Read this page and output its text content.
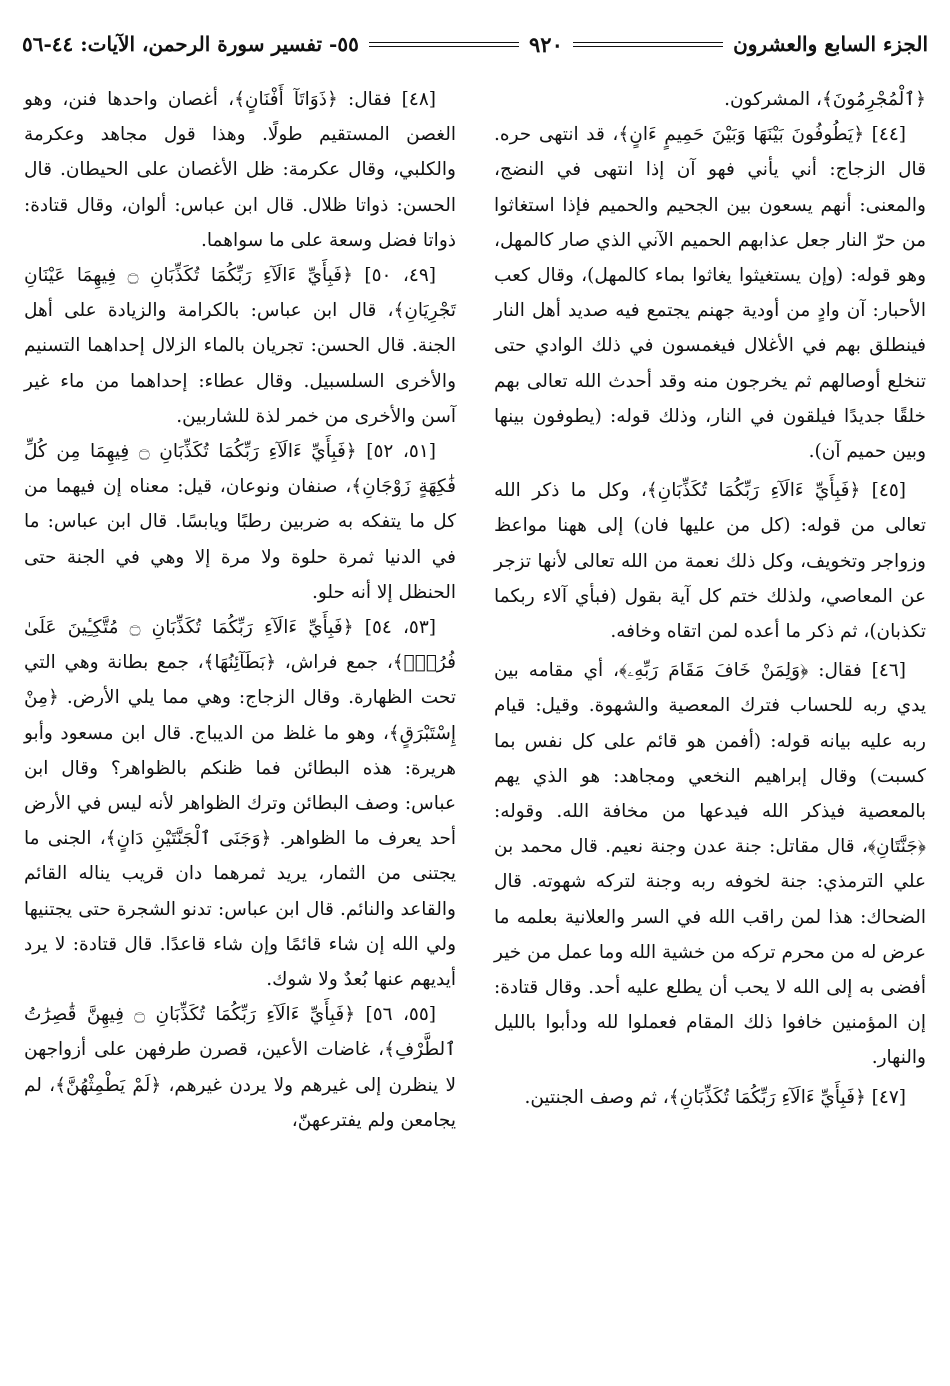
الجزء السابع والعشرون
٩٢٠
٥٥- تفسير سورة الرحمن، الآيات: ٤٤-٥٦

﴿ٱلْمُجْرِمُونَ﴾، المشركون.

[٤٤] ﴿يَطُوفُونَ بَيْنَهَا وَبَيْنَ حَمِيمٍ ءَانٍ﴾، قد انتهى حره. قال الزجاج: أني يأني فهو آن إذا انتهى في النضج، والمعنى: أنهم يسعون بين الجحيم والحميم فإذا استغاثوا من حرّ النار جعل عذابهم الحميم الآني الذي صار كالمهل، وهو قوله: (وإن يستغيثوا يغاثوا بماء كالمهل)، وقال كعب الأحبار: آن وادٍ من أودية جهنم يجتمع فيه صديد أهل النار فينطلق بهم في الأغلال فيغمسون في ذلك الوادي حتى تنخلع أوصالهم ثم يخرجون منه وقد أحدث الله تعالى بهم خلقًا جديدًا فيلقون في النار، وذلك قوله: (يطوفون بينها وبين حميم آن).

[٤٥] ﴿فَبِأَيِّ ءَالَآءِ رَبِّكُمَا تُكَذِّبَانِ﴾، وكل ما ذكر الله تعالى من قوله: (كل من عليها فان) إلى ههنا مواعظ وزواجر وتخويف، وكل ذلك نعمة من الله تعالى لأنها تزجر عن المعاصي، ولذلك ختم كل آية بقول (فبأي آلاء ربكما تكذبان)، ثم ذكر ما أعده لمن اتقاه وخافه.

[٤٦] فقال: ﴿وَلِمَنْ خَافَ مَقَامَ رَبِّهِۦ﴾، أي مقامه بين يدي ربه للحساب فترك المعصية والشهوة. وقيل: قيام ربه عليه بيانه قوله: (أفمن هو قائم على كل نفس بما كسبت) وقال إبراهيم النخعي ومجاهد: هو الذي يهم بالمعصية فيذكر الله فيدعها من مخافة الله. وقوله: ﴿جَنَّتَانِ﴾، قال مقاتل: جنة عدن وجنة نعيم. قال محمد بن علي الترمذي: جنة لخوفه ربه وجنة لتركه شهوته. قال الضحاك: هذا لمن راقب الله في السر والعلانية بعلمه ما عرض له من محرم تركه من خشية الله وما عمل من خير أفضى به إلى الله لا يحب أن يطلع عليه أحد. وقال قتادة: إن المؤمنين خافوا ذلك المقام فعملوا لله ودأبوا بالليل والنهار.

[٤٧] ﴿فَبِأَيِّ ءَالَآءِ رَبِّكُمَا تُكَذِّبَانِ﴾، ثم وصف الجنتين.

[٤٨] فقال: ﴿ذَوَاتَآ أَفْنَانٍ﴾، أغصان واحدها فنن، وهو الغصن المستقيم طولًا. وهذا قول مجاهد وعكرمة والكلبي، وقال عكرمة: ظل الأغصان على الحيطان. قال الحسن: ذواتا ظلال. قال ابن عباس: ألوان، وقال قتادة: ذواتا فضل وسعة على ما سواهما.

[٤٩، ٥٠] ﴿فَبِأَيِّ ءَالَآءِ رَبِّكُمَا تُكَذِّبَانِ ۝ فِيهِمَا عَيْنَانِ تَجْرِيَانِ﴾، قال ابن عباس: بالكرامة والزيادة على أهل الجنة. قال الحسن: تجريان بالماء الزلال إحداهما التسنيم والأخرى السلسبيل. وقال عطاء: إحداهما من ماء غير آسن والأخرى من خمر لذة للشاربين.

[٥١، ٥٢] ﴿فَبِأَيِّ ءَالَآءِ رَبِّكُمَا تُكَذِّبَانِ ۝ فِيهِمَا مِن كُلِّ فَٰكِهَةٍ زَوْجَانِ﴾، صنفان ونوعان، قيل: معناه إن فيهما من كل ما يتفكه به ضربين رطبًا ويابسًا. قال ابن عباس: ما في الدنيا ثمرة حلوة ولا مرة إلا وهي في الجنة حتى الحنظل إلا أنه حلو.

[٥٣، ٥٤] ﴿فَبِأَيِّ ءَالَآءِ رَبِّكُمَا تُكَذِّبَانِ ۝ مُتَّكِـِٔينَ عَلَىٰ فُرُشٍۭ﴾، جمع فراش، ﴿بَطَآئِنُهَا﴾، جمع بطانة وهي التي تحت الظهارة. وقال الزجاج: وهي مما يلي الأرض. ﴿مِنْ إِسْتَبْرَقٍ﴾، وهو ما غلظ من الديباج. قال ابن مسعود وأبو هريرة: هذه البطائن فما ظنكم بالظواهر؟ وقال ابن عباس: وصف البطائن وترك الظواهر لأنه ليس في الأرض أحد يعرف ما الظواهر. ﴿وَجَنَى ٱلْجَنَّتَيْنِ دَانٍ﴾، الجنى ما يجتنى من الثمار، يريد ثمرهما دان قريب يناله القائم والقاعد والنائم. قال ابن عباس: تدنو الشجرة حتى يجتنيها ولي الله إن شاء قائمًا وإن شاء قاعدًا. قال قتادة: لا يرد أيديهم عنها بُعدٌ ولا شوك.

[٥٥، ٥٦] ﴿فَبِأَيِّ ءَالَآءِ رَبِّكُمَا تُكَذِّبَانِ ۝ فِيهِنَّ قَٰصِرَٰتُ ٱلطَّرْفِ﴾، غاضات الأعين، قصرن طرفهن على أزواجهن لا ينظرن إلى غيرهم ولا يردن غيرهم، ﴿لَمْ يَطْمِثْهُنَّ﴾، لم يجامعن ولم يفترعهنّ،
